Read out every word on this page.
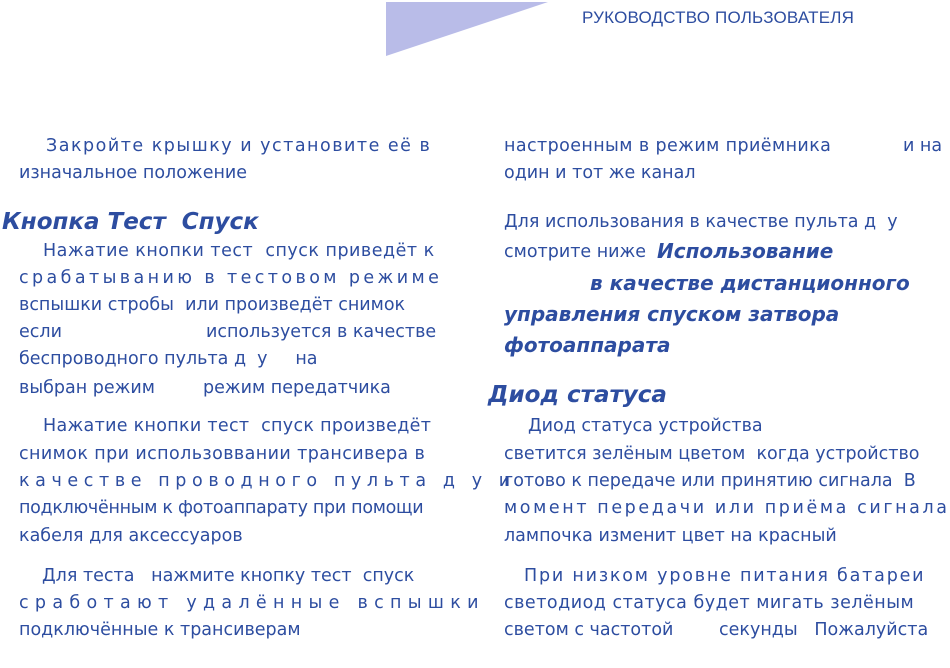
РУКОВОДСТВО ПОЛЬЗОВАТЕЛЯ
Закройте крышку и установите её в
изначальное положение
Кнопка Тест  Спуск
Нажатие кнопки тест  спуск приведёт к
срабатыванию в тестовом режиме
вспышки стробы  или произведёт снимок
если	используется в качестве
беспроводного пульта д  у     на
выбран режим	режим передатчика
Нажатие кнопки тест  спуск произведёт
снимок при использоввании трансивера в
качестве проводного пульта д у и
подключённым к фотоаппарату при помощи
кабеля для аксессуаров
Для теста   нажмите кнопку тест  спуск
сработают удалённые вспышки
подключённые к трансиверам
настроенным в режим приёмника	и на
один и тот же канал
Для использования в качестве пульта д  у
смотрите ниже Использование
в качестве дистанционного
управления спуском затвора
фотоаппарата
Диод статуса
Диод статуса устройства
светится зелёным цветом  когда устройство
готово к передаче или принятию сигнала  В
момент передачи или приёма сигнала
лампочка изменит цвет на красный
При низком уровне питания батареи
светодиод статуса будет мигать зелёным
светом с частотой	секунды   Пожалуйста
